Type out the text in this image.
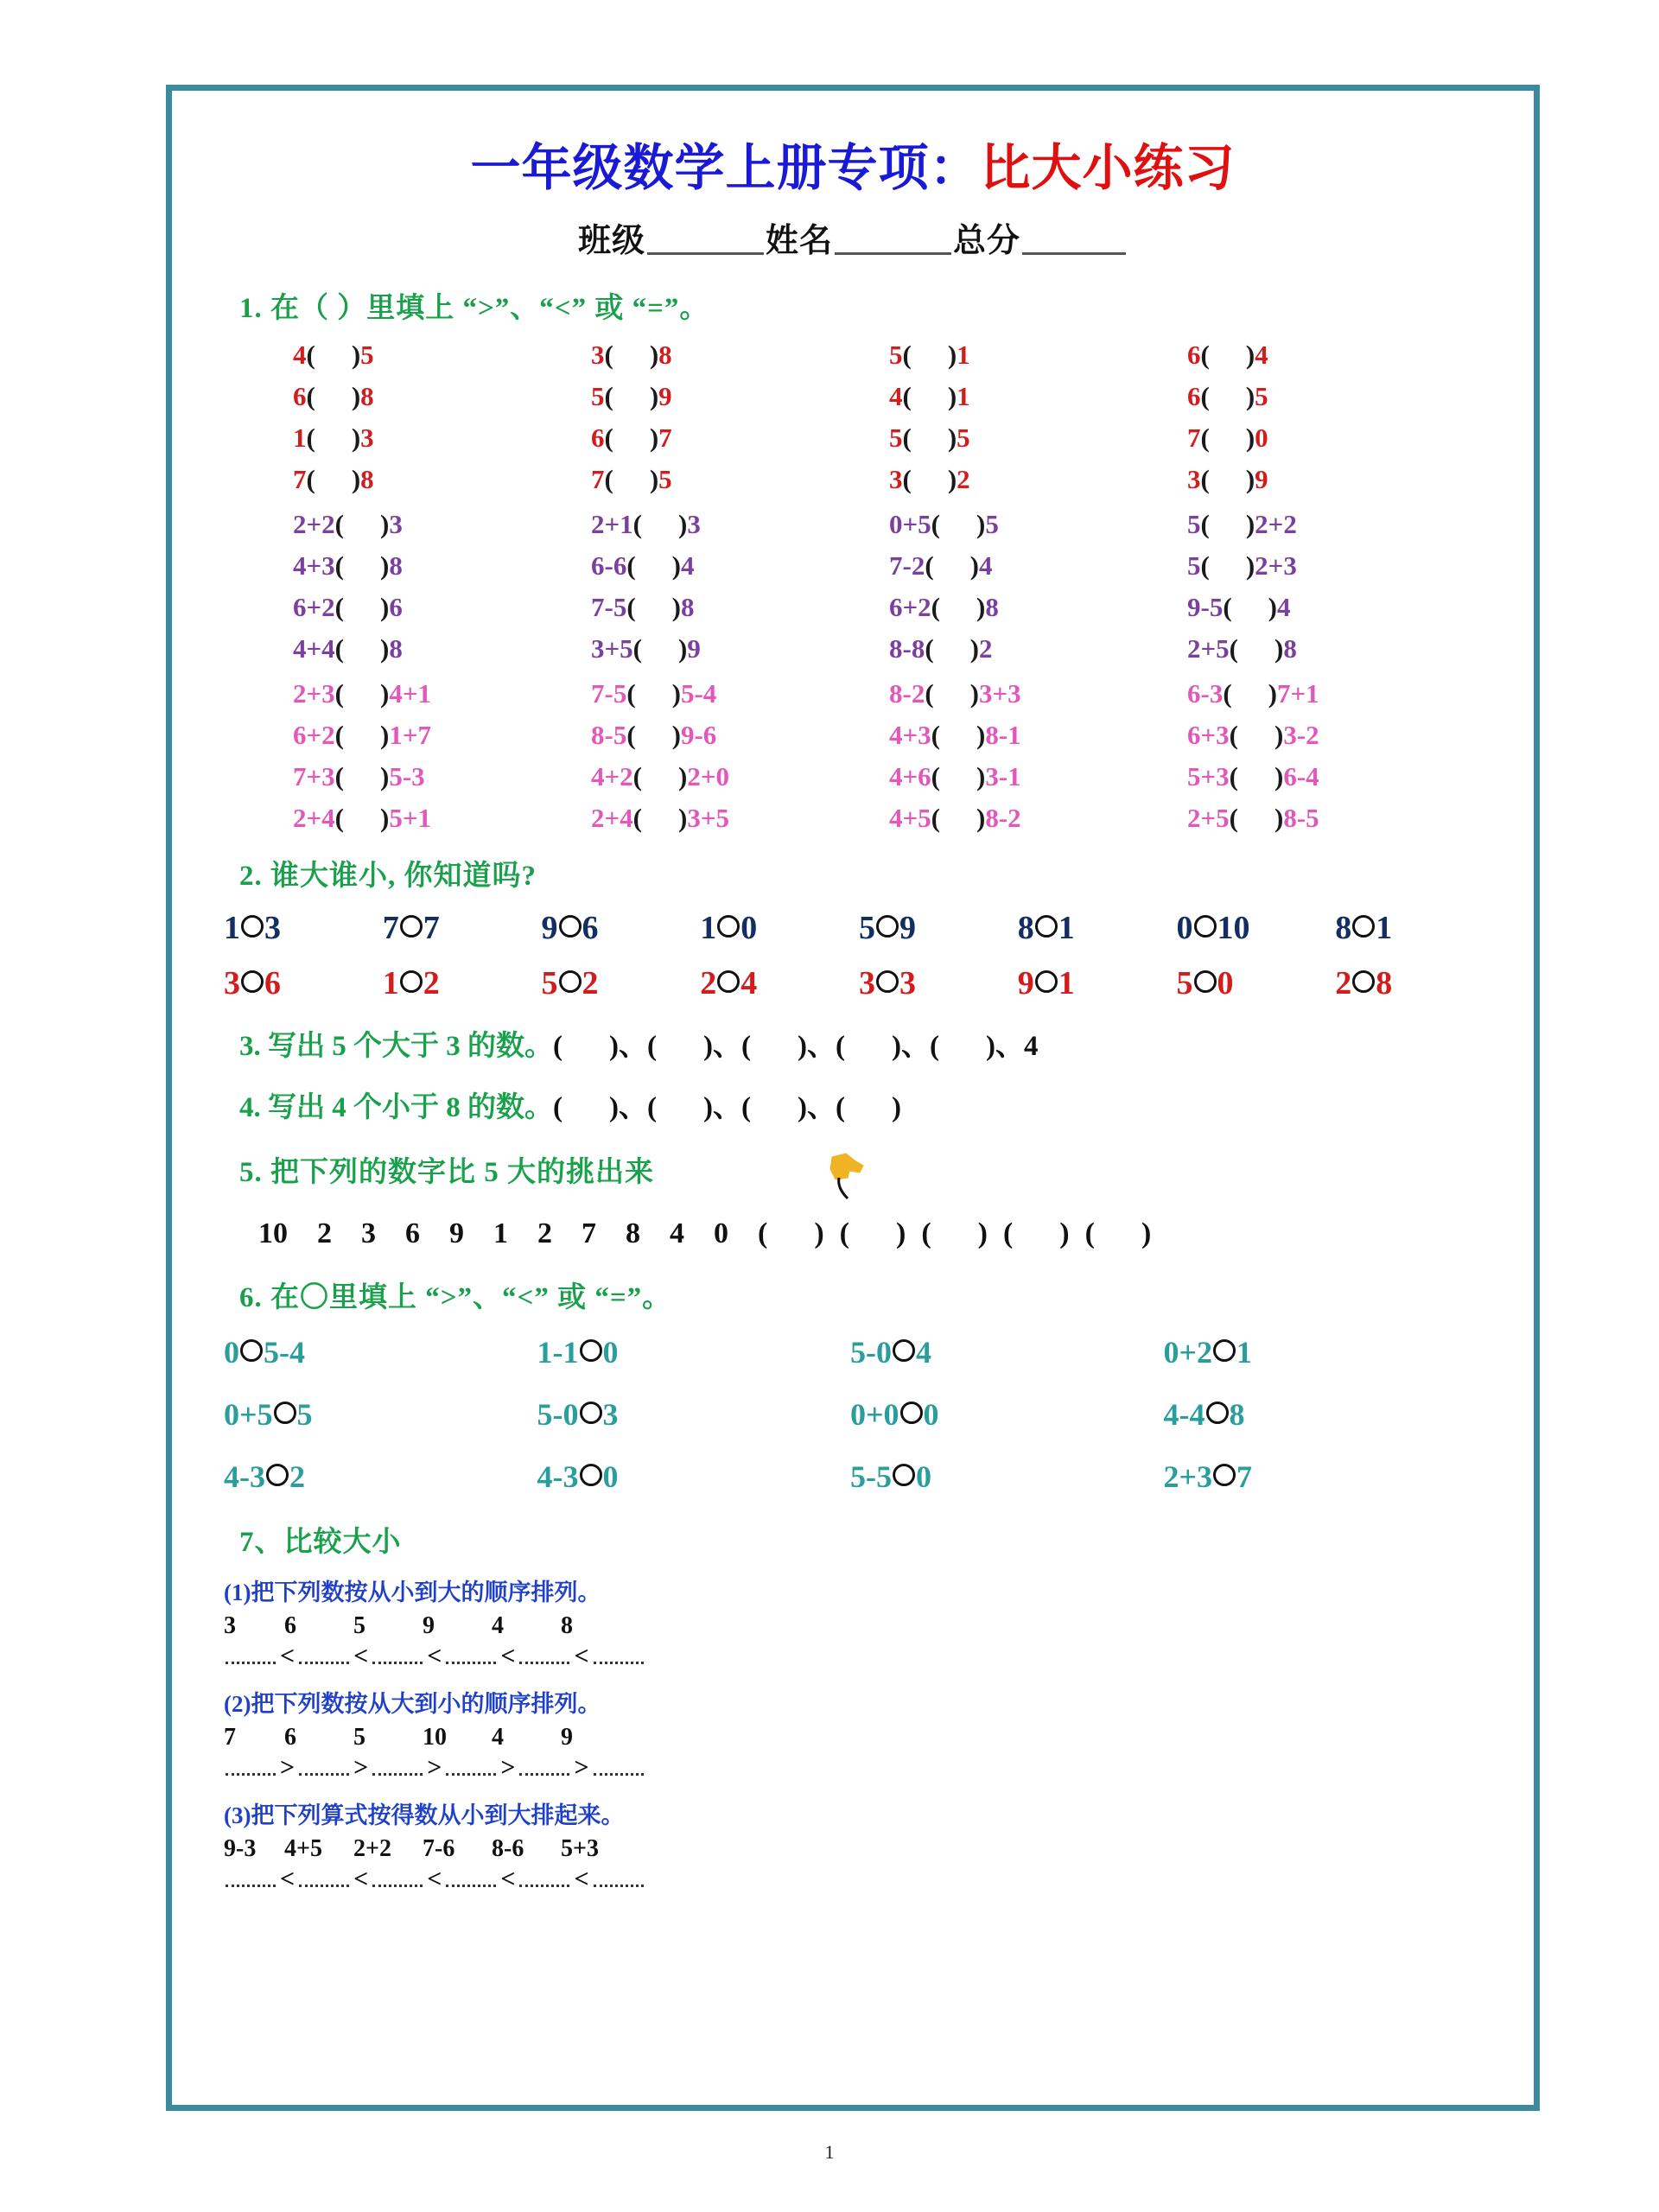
一年级数学上册专项：比大小练习
班级	姓名	总分
1. 在（ ）里填上 “>”、“<” 或 “=”。
4( )5	3( )8	5( )1	6( )4
6( )8	5( )9	4( )1	6( )5
1( )3	6( )7	5( )5	7( )0
7( )8	7( )5	3( )2	3( )9
2+2( )3	2+1( )3	0+5( )5	5( )2+2
4+3( )8	6-6( )4	7-2( )4	5( )2+3
6+2( )6	7-5( )8	6+2( )8	9-5( )4
4+4( )8	3+5( )9	8-8( )2	2+5( )8
2+3( )4+1	7-5( )5-4	8-2( )3+3	6-3( )7+1
6+2( )1+7	8-5( )9-6	4+3( )8-1	6+3( )3-2
7+3( )5-3	4+2( )2+0	4+6( )3-1	5+3( )6-4
2+4( )5+1	2+4( )3+5	4+5( )8-2	2+5( )8-5
2. 谁大谁小, 你知道吗?
1 3	7 7	9 6	1 0	5 9	8 1	0 10	8 1
3 6	1 2	5 2	2 4	3 3	9 1	5 0	2 8
3. 写出 5 个大于 3 的数。( )、( )、( )、( )、( )、4
4. 写出 4 个小于 8 的数。( )、( )、( )、( )
5. 把下列的数字比 5 大的挑出来
10 2 3 6 9 1 2 7 8 4 0 ( ) ( ) ( ) ( ) ( )
6. 在〇里填上 “>”、“<” 或 “=”。
0 5-4	1-1 0	5-0 4	0+2 1
0+5 5	5-0 3	0+0 0	4-4 8
4-3 2	4-3 0	5-5 0	2+3 7
7、比较大小
(1)把下列数按从小到大的顺序排列。
3 6 5 9 4 8
< < < < <
(2)把下列数按从大到小的顺序排列。
7 6 5 10 4 9
> > > > >
(3)把下列算式按得数从小到大排起来。
9-3 4+5 2+2 7-6 8-6 5+3
< < < < <
1
